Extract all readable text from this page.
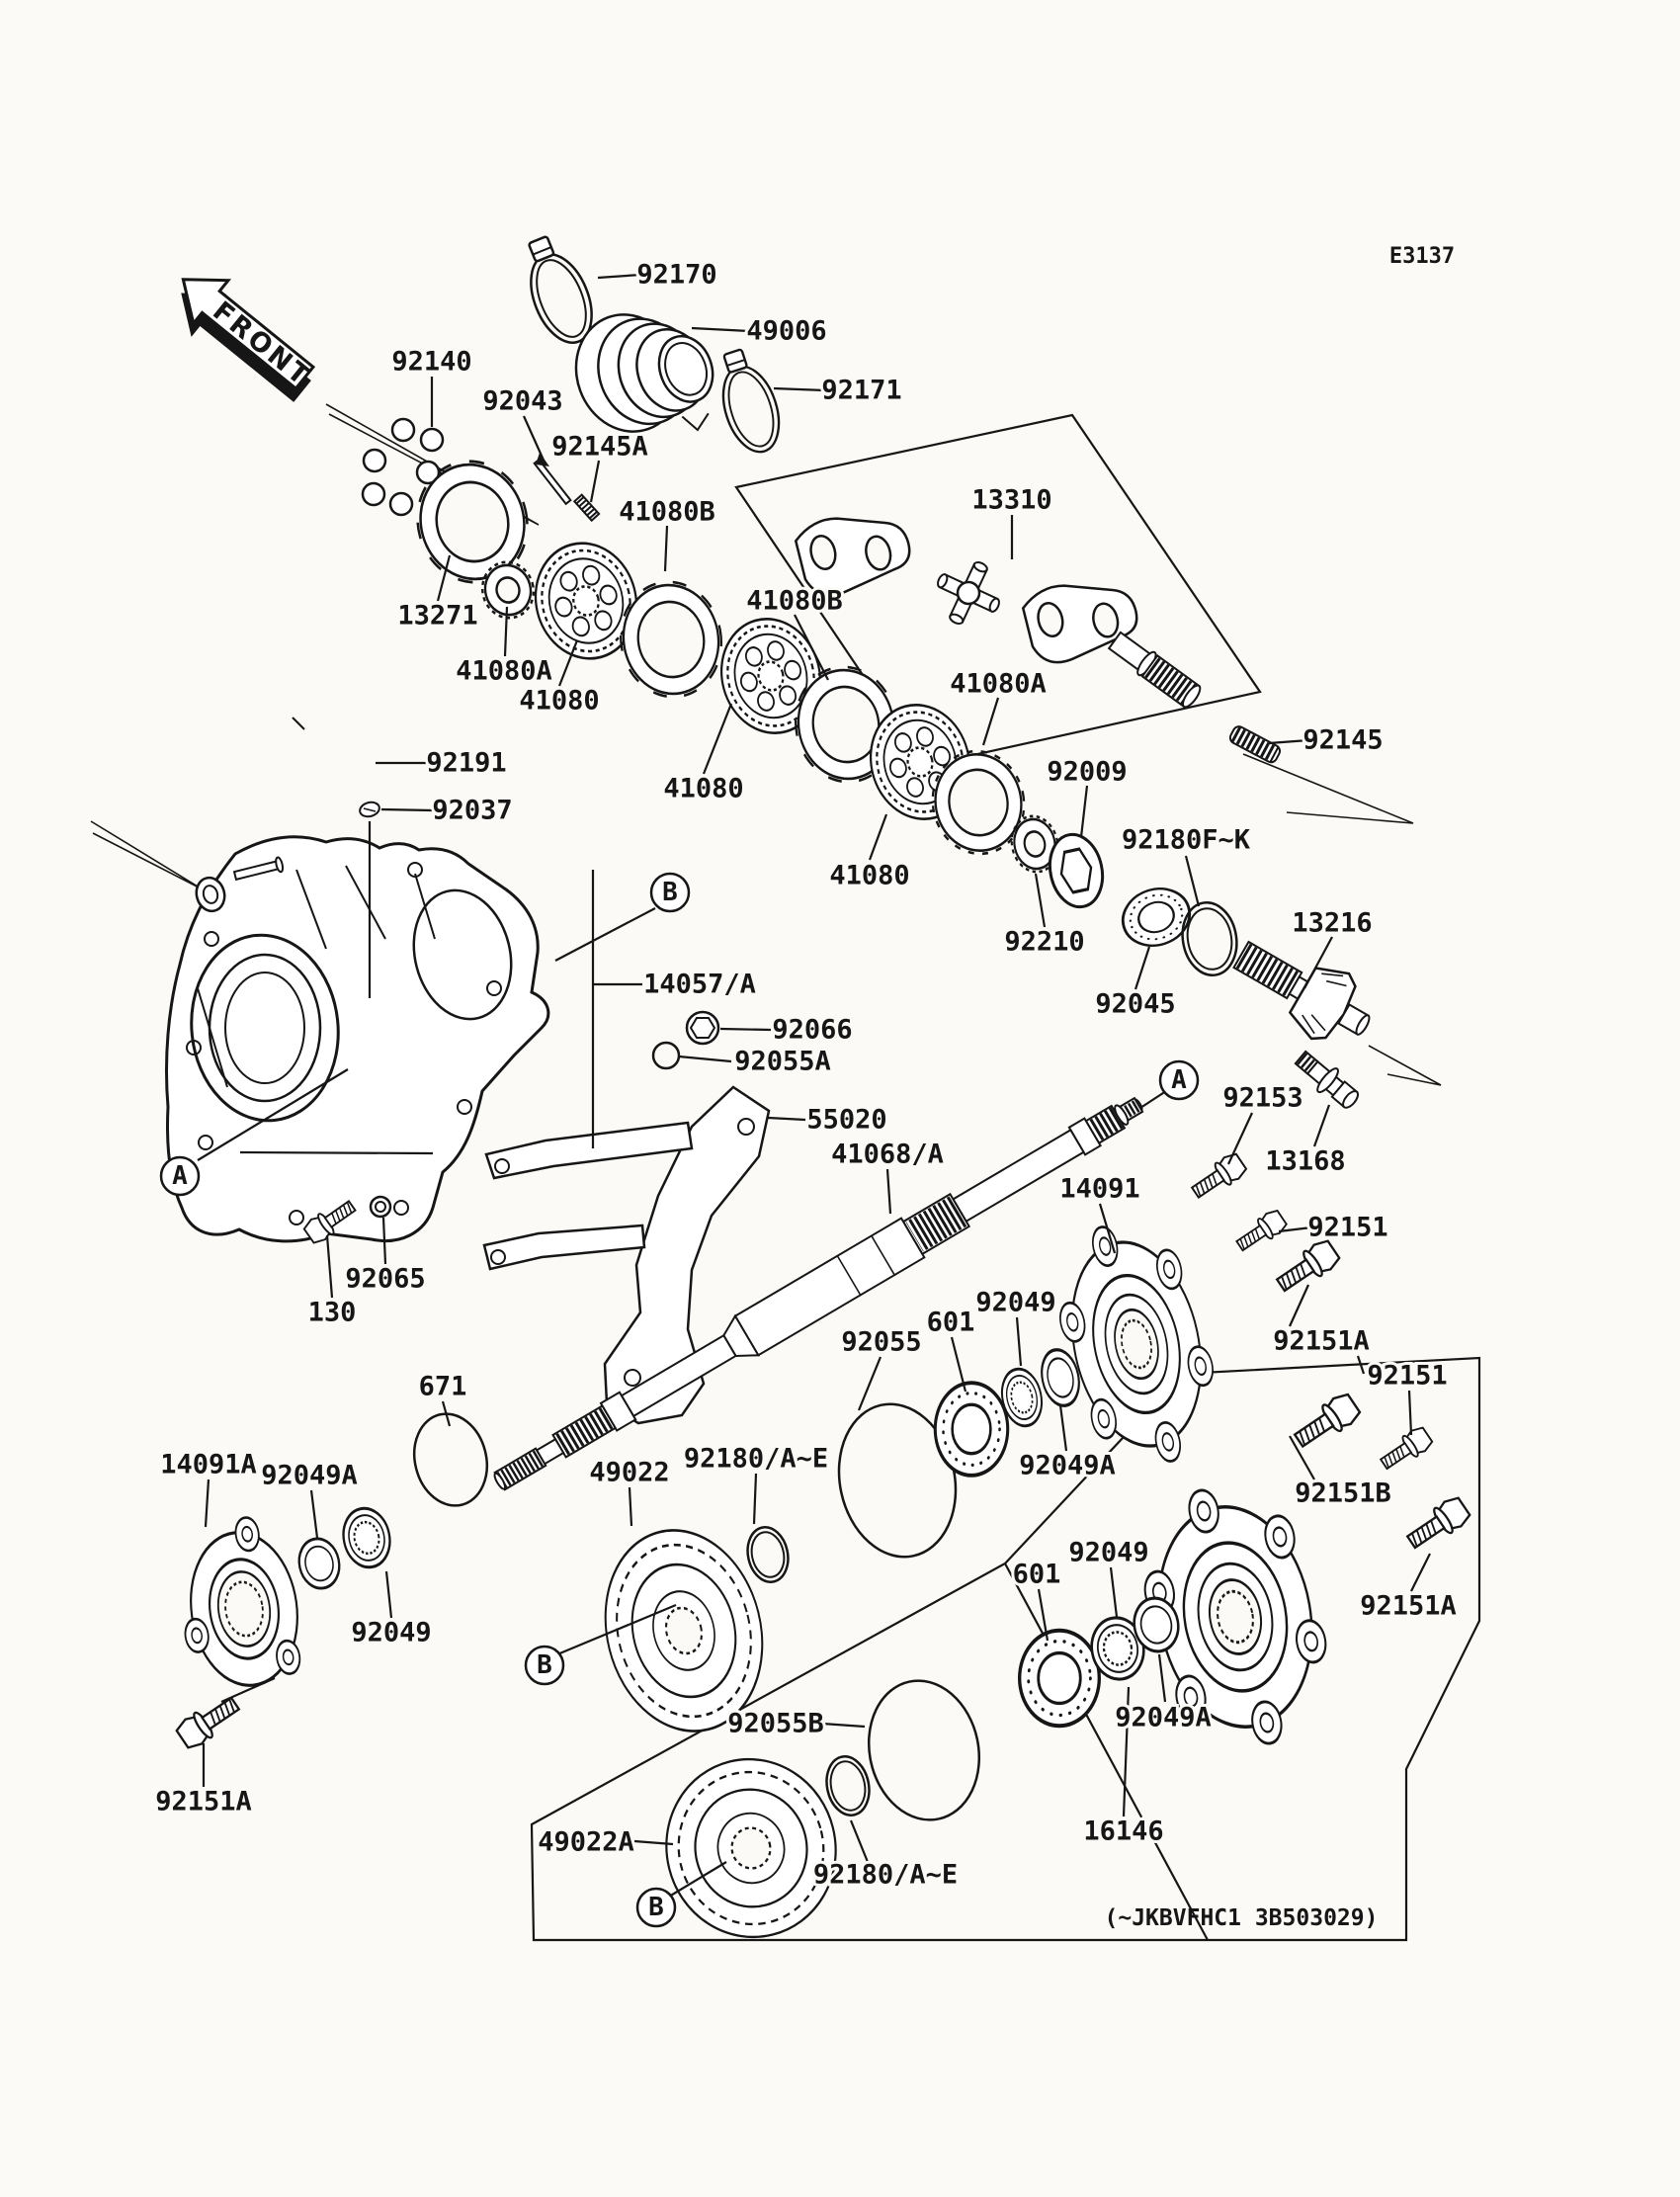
FRONT
B
A
A
B
B
E3137
(~JKBVFHC1 3B503029)
92170
49006
92171
92140
92043
92145A
41080B	13310
41080B
13271
41080A
41080
41080A
92191
41080
92037
92009
92145
92180F~K
41080
13216
92210
92045
14057/A
92066
92055A
55020
41068/A
92153
13168
14091
92151
92065
130	601
92049
92055	92151A
92151
671
92049A
14091A 92049A	49022 92180/A~E
92151B
92049
601
92151A
92049
92049A
92055B
16146
49022A
92180/A~E
92151A
